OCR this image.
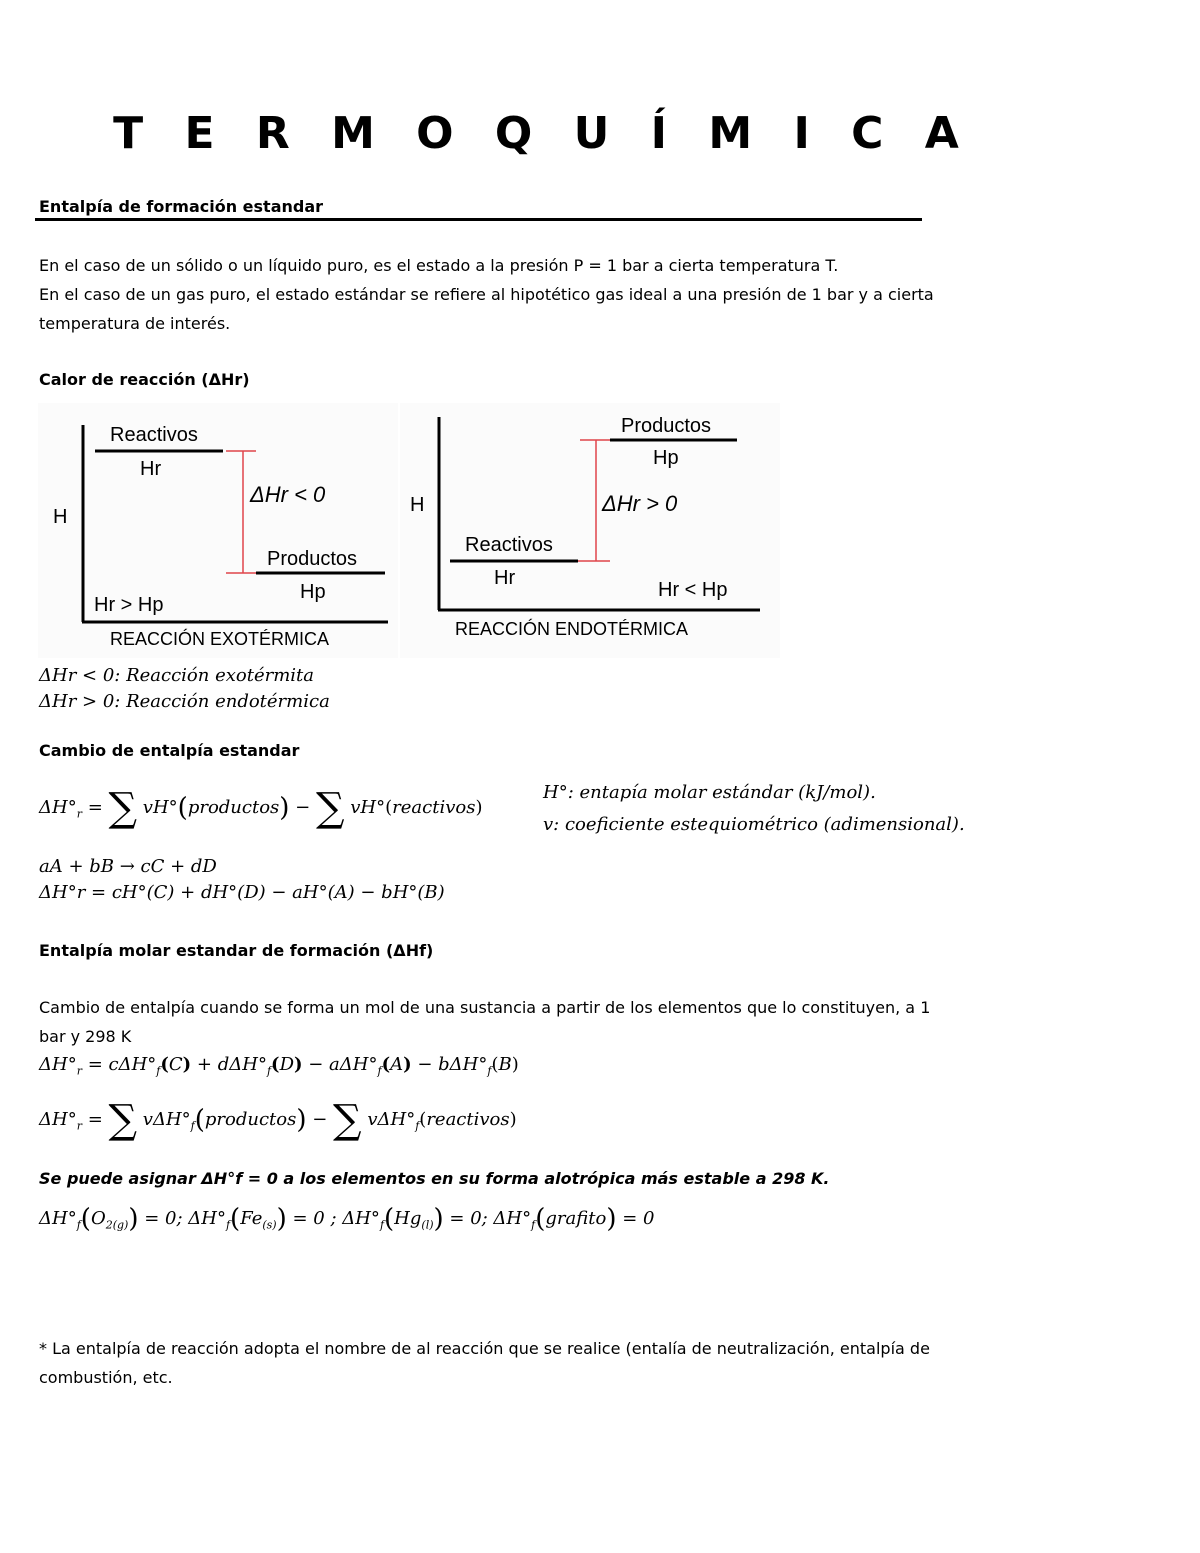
T E R M O Q U Í M I C A
Entalpía de formación estandar
En el caso de un sólido o un líquido puro, es el estado a la presión P = 1 bar a cierta temperatura T.
En el caso de un gas puro, el estado estándar se refiere al hipotético gas ideal a una presión de 1 bar y a cierta
temperatura de interés.
Calor de reacción (ΔHr)
H
Reactivos
Hr
ΔHr < 0
Productos
Hp
Hr > Hp
REACCIÓN EXOTÉRMICA
H
Reactivos
Hr
ΔHr > 0
Productos
Hp
Hr < Hp
REACCIÓN ENDOTÉRMICA
ΔHr < 0: Reacción exotérmita
ΔHr > 0: Reacción endotérmica
Cambio de entalpía estandar
$\Delta H^\circ_r$ = ∑ vH°(productos) − ∑ vH°(reactivos)
H°: entapía molar estándar (kJ/mol).
v: coeficiente estequiométrico (adimensional).
aA + bB → cC + dD
ΔH°r = cH°(C) + dH°(D) − aH°(A) − bH°(B)
Entalpía molar estandar de formación (ΔHf)
Cambio de entalpía cuando se forma un mol de una sustancia a partir de los elementos que lo constituyen, a 1
bar y 298 K
$\Delta H^\circ_r = c\Delta H^\circ_f(C) + d\Delta H^\circ_f(D) - a\Delta H^\circ_f(A) - b\Delta H^\circ_f(B)$
$\Delta H^\circ_r$ = ∑ $v\Delta H^\circ_f(productos)$ − ∑ $v\Delta H^\circ_f(reactivos)$
Se puede asignar ΔH°f = 0 a los elementos en su forma alotrópica más estable a 298 K.
$\Delta H^\circ_f(O_{2(g)}) = 0$; $\Delta H^\circ_f(Fe_{(s)}) = 0$ ; $\Delta H^\circ_f(Hg_{(l)}) = 0$; $\Delta H^\circ_f(grafito) = 0$
* La entalpía de reacción adopta el nombre de al reacción que se realice (entalía de neutralización, entalpía de
combustión, etc.
